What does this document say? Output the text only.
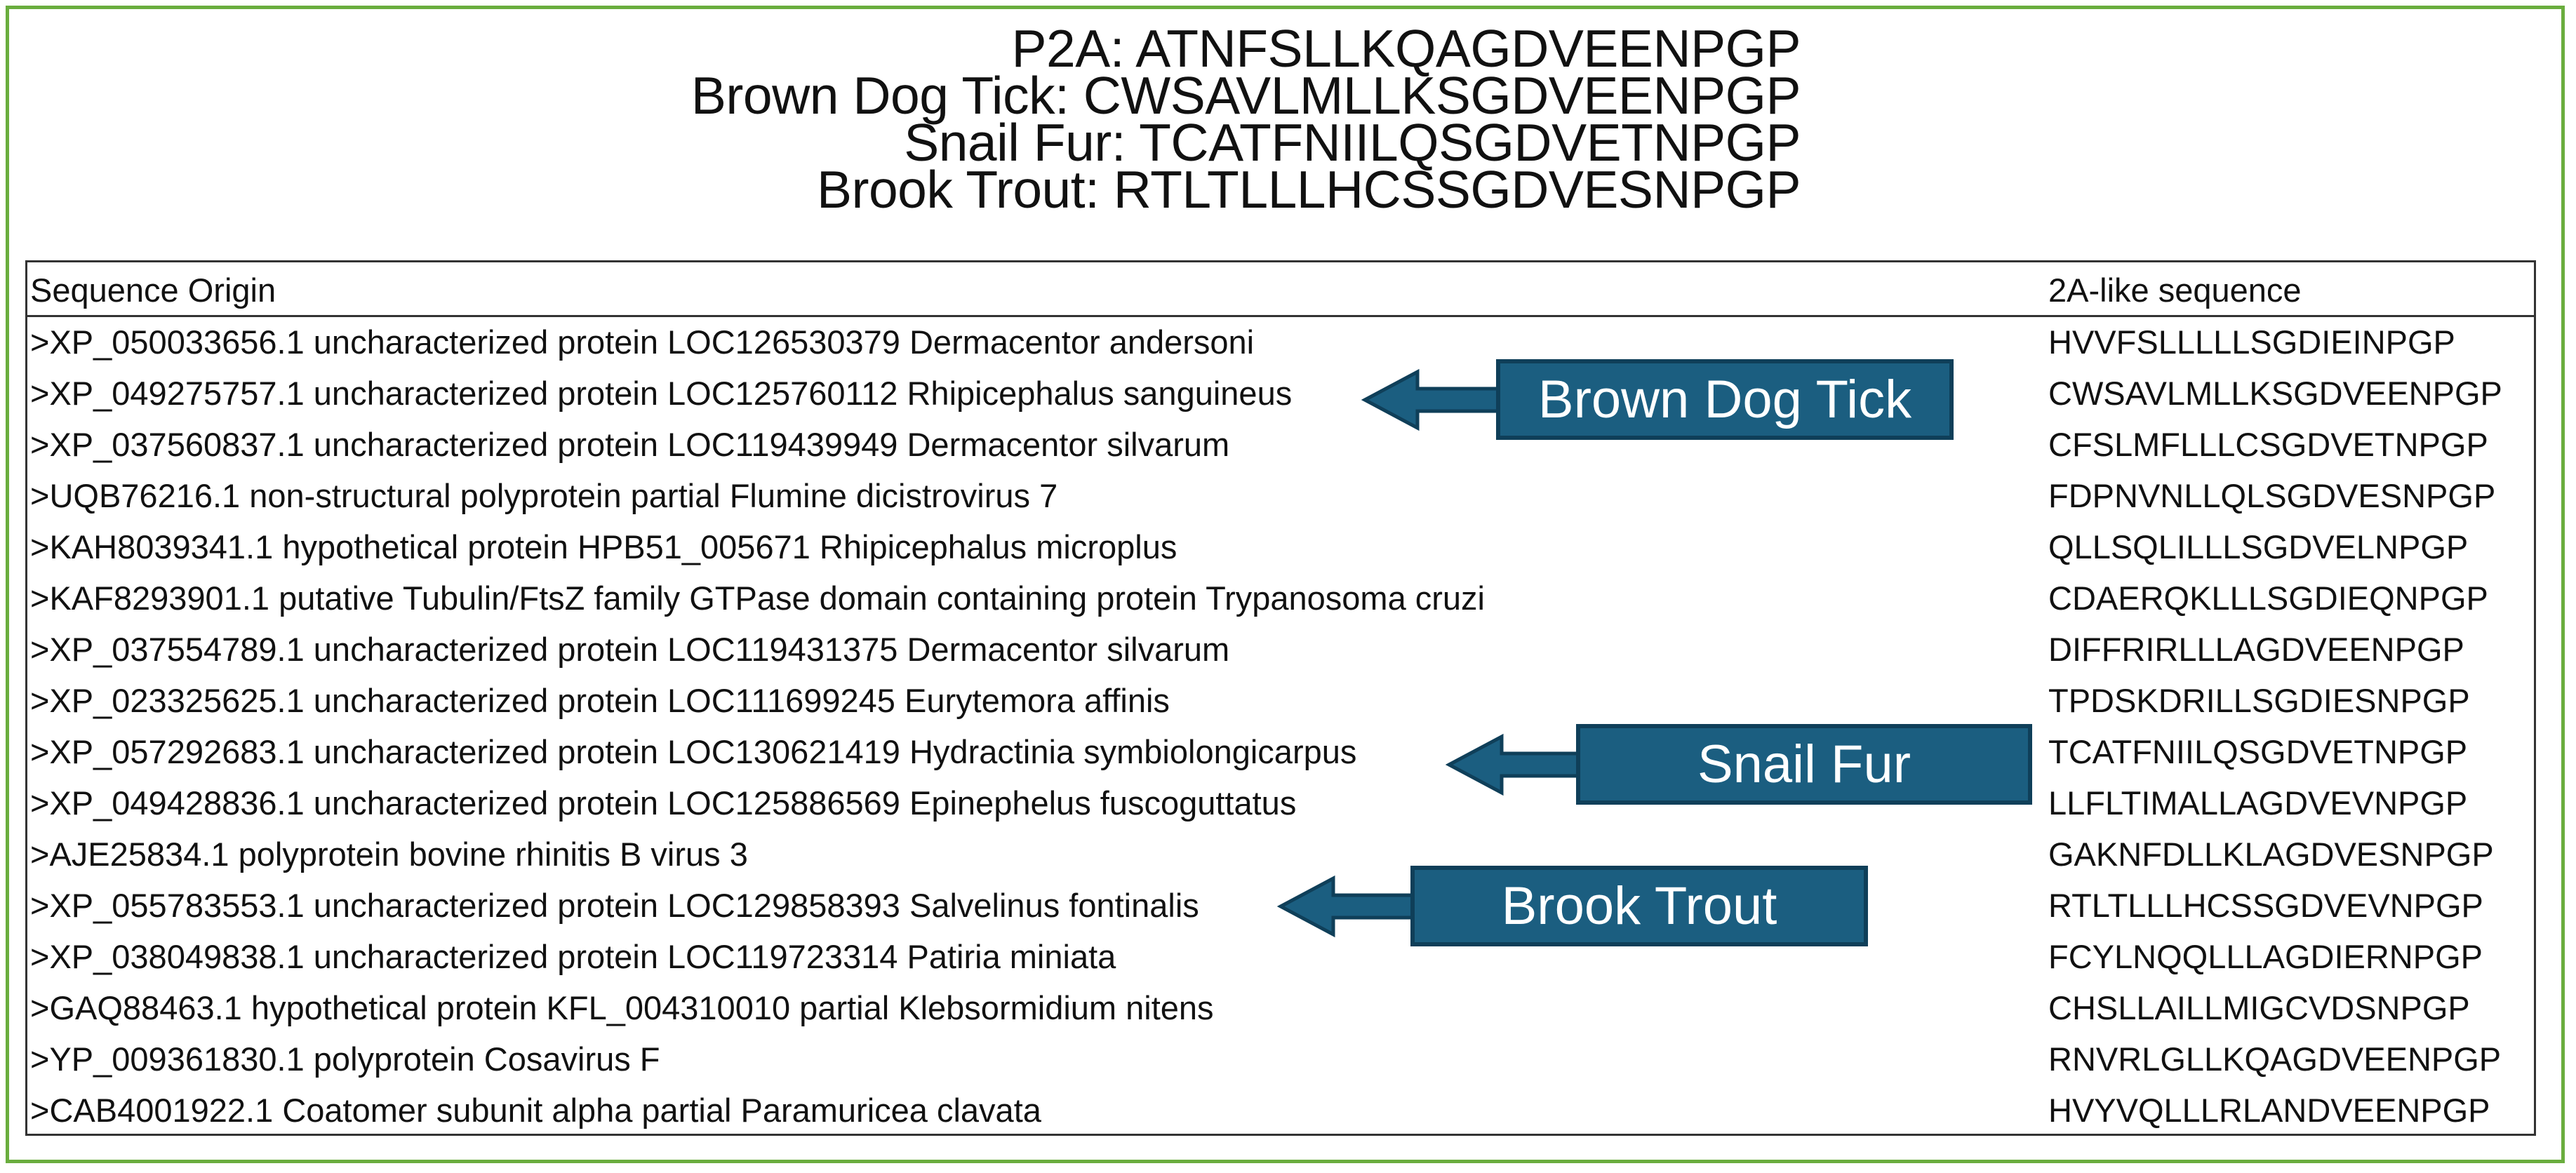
P2A: ATNFSLLKQAGDVEENPGP
Brown Dog Tick: CWSAVLMLLKSGDVEENPGP
Snail Fur: TCATFNIILQSGDVETNPGP
Brook Trout: RTLTLLLHCSSGDVESNPGP
Sequence Origin	2A-like sequence
>XP_050033656.1 uncharacterized protein LOC126530379 Dermacentor andersoni	HVVFSLLLLLSGDIEINPGP
>XP_049275757.1 uncharacterized protein LOC125760112 Rhipicephalus sanguineus	CWSAVLMLLKSGDVEENPGP
>XP_037560837.1 uncharacterized protein LOC119439949 Dermacentor silvarum	CFSLMFLLLCSGDVETNPGP
>UQB76216.1 non-structural polyprotein partial Flumine dicistrovirus 7	FDPNVNLLQLSGDVESNPGP
>KAH8039341.1 hypothetical protein HPB51_005671 Rhipicephalus microplus	QLLSQLILLLSGDVELNPGP
>KAF8293901.1 putative Tubulin/FtsZ family GTPase domain containing protein Trypanosoma cruzi	CDAERQKLLLSGDIEQNPGP
>XP_037554789.1 uncharacterized protein LOC119431375 Dermacentor silvarum	DIFFRIRLLLAGDVEENPGP
>XP_023325625.1 uncharacterized protein LOC111699245 Eurytemora affinis	TPDSKDRILLSGDIESNPGP
>XP_057292683.1 uncharacterized protein LOC130621419 Hydractinia symbiolongicarpus	TCATFNIILQSGDVETNPGP
>XP_049428836.1 uncharacterized protein LOC125886569 Epinephelus fuscoguttatus	LLFLTIMALLAGDVEVNPGP
>AJE25834.1 polyprotein bovine rhinitis B virus 3	GAKNFDLLKLAGDVESNPGP
>XP_055783553.1 uncharacterized protein LOC129858393 Salvelinus fontinalis	RTLTLLLHCSSGDVEVNPGP
>XP_038049838.1 uncharacterized protein LOC119723314 Patiria miniata	FCYLNQQLLLAGDIERNPGP
>GAQ88463.1 hypothetical protein KFL_004310010 partial Klebsormidium nitens	CHSLLAILLMIGCVDSNPGP
>YP_009361830.1 polyprotein Cosavirus F	RNVRLGLLKQAGDVEENPGP
>CAB4001922.1 Coatomer subunit alpha partial Paramuricea clavata	HVYVQLLLRLANDVEENPGP
Brown Dog Tick
Snail Fur
Brook Trout
